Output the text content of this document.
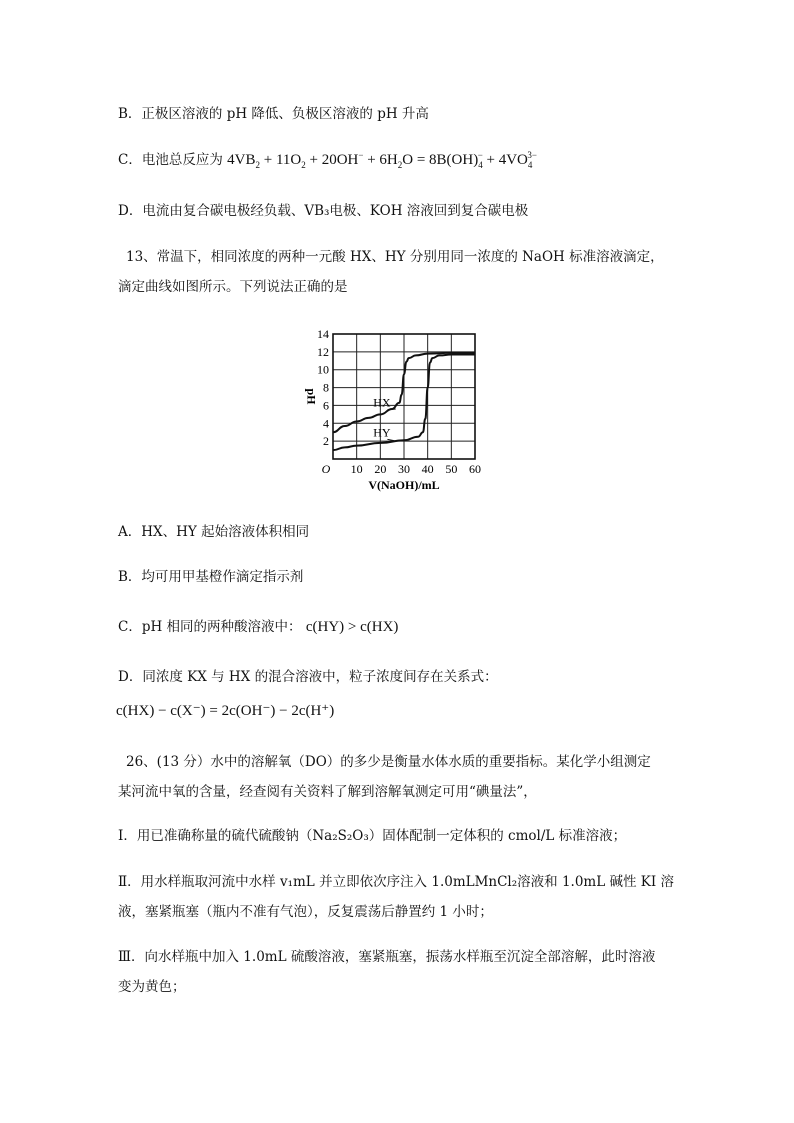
B．正极区溶液的 pH 降低、负极区溶液的 pH 升高
C．电池总反应为 $4VB_2 + 11O_2 + 20OH^- + 6H_2O = 8B(OH)_4^- + 4VO_4^{3-}$
D．电流由复合碳电极经负载、VB₃电极、KOH 溶液回到复合碳电极
13、常温下，相同浓度的两种一元酸 HX、HY 分别用同一浓度的 NaOH 标准溶液滴定，
滴定曲线如图所示。下列说法正确的是
2
4
6
8
10
12
14
O 10 20 30 40 50 60
pH
V(NaOH)/mL
HX
HY
A．HX、HY 起始溶液体积相同
B．均可用甲基橙作滴定指示剂
C．pH 相同的两种酸溶液中： c(HY) > c(HX)
D．同浓度 KX 与 HX 的混合溶液中，粒子浓度间存在关系式：
c(HX) − c(X⁻) = 2c(OH⁻) − 2c(H⁺)
26、(13 分）水中的溶解氧（DO）的多少是衡量水体水质的重要指标。某化学小组测定
某河流中氧的含量，经查阅有关资料了解到溶解氧测定可用“碘量法”，
Ⅰ．用已准确称量的硫代硫酸钠（Na₂S₂O₃）固体配制一定体积的 cmol/L 标准溶液；
Ⅱ．用水样瓶取河流中水样 v₁mL 并立即依次序注入 1.0mLMnCl₂溶液和 1.0mL 碱性 KI 溶
液，塞紧瓶塞（瓶内不准有气泡），反复震荡后静置约 1 小时；
Ⅲ．向水样瓶中加入 1.0mL 硫酸溶液，塞紧瓶塞，振荡水样瓶至沉淀全部溶解，此时溶液
变为黄色；
